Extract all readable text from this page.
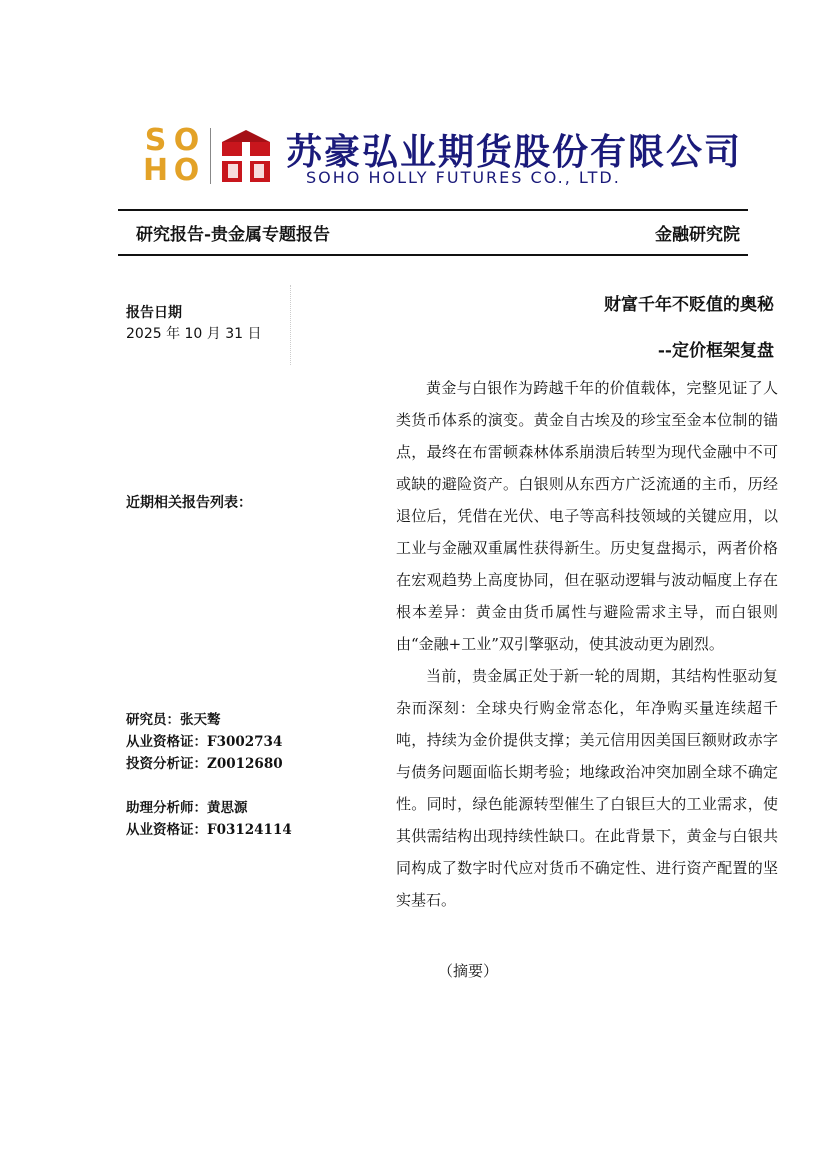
S O
H O 苏豪弘业期货股份有限公司
SOHO HOLLY FUTURES CO., LTD.
研究报告-贵金属专题报告	金融研究院
报告日期
2025 年 10 月 31 日
近期相关报告列表：
研究员：张天骜
从业资格证：F3002734
投资分析证：Z0012680
助理分析师：黄思源
从业资格证：F03124114
财富千年不贬值的奥秘
--定价框架复盘

黄金与白银作为跨越千年的价值载体，完整见证了人类货币体系的演变。黄金自古埃及的珍宝至金本位制的锚点，最终在布雷顿森林体系崩溃后转型为现代金融中不可或缺的避险资产。白银则从东西方广泛流通的主币，历经退位后，凭借在光伏、电子等高科技领域的关键应用，以工业与金融双重属性获得新生。历史复盘揭示，两者价格在宏观趋势上高度协同，但在驱动逻辑与波动幅度上存在根本差异：黄金由货币属性与避险需求主导，而白银则由“金融+工业”双引擎驱动，使其波动更为剧烈。

当前，贵金属正处于新一轮的周期，其结构性驱动复杂而深刻：全球央行购金常态化，年净购买量连续超千吨，持续为金价提供支撑；美元信用因美国巨额财政赤字与债务问题面临长期考验；地缘政治冲突加剧全球不确定性。同时，绿色能源转型催生了白银巨大的工业需求，使其供需结构出现持续性缺口。在此背景下，黄金与白银共同构成了数字时代应对货币不确定性、进行资产配置的坚实基石。

（摘要）
